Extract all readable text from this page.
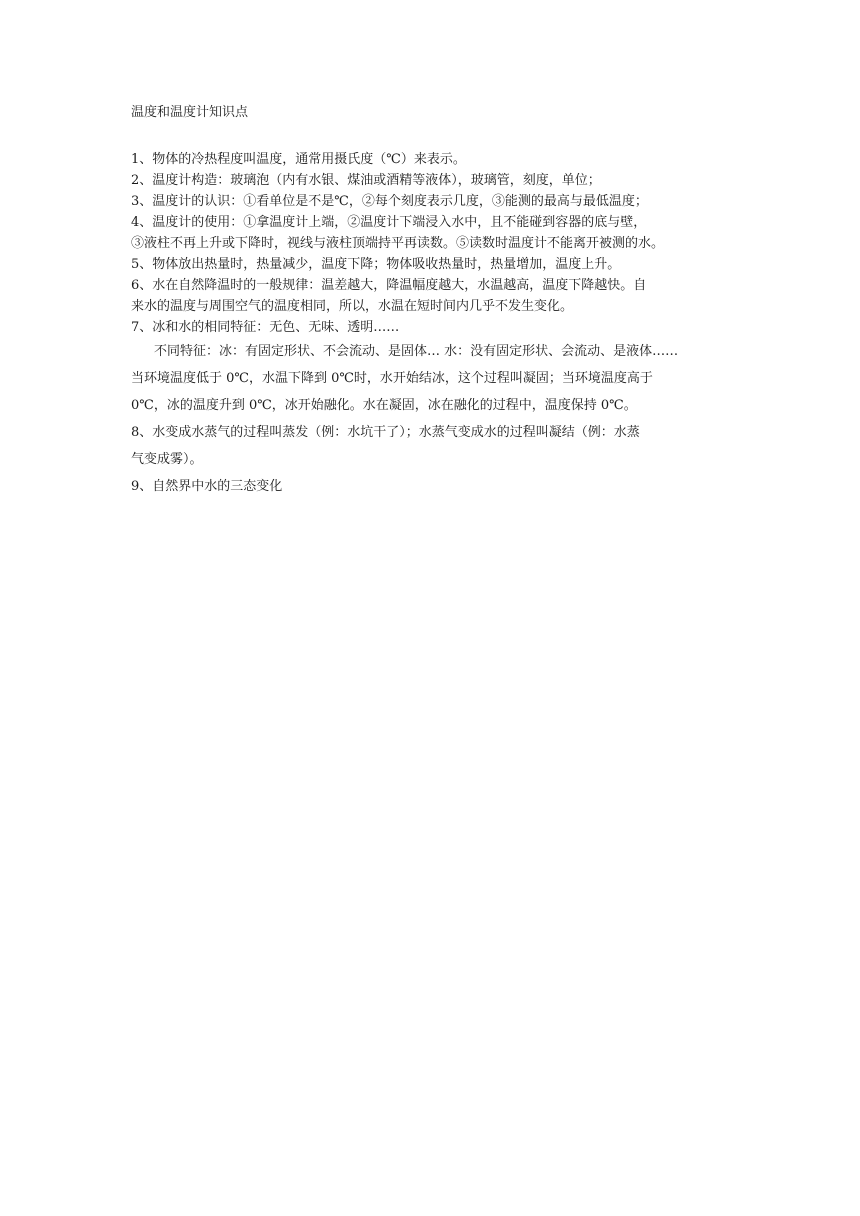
温度和温度计知识点

1、物体的冷热程度叫温度，通常用摄氏度（℃）来表示。

2、温度计构造：玻璃泡（内有水银、煤油或酒精等液体），玻璃管，刻度，单位；

3、温度计的认识：①看单位是不是℃，②每个刻度表示几度，③能测的最高与最低温度；

4、温度计的使用：①拿温度计上端，②温度计下端浸入水中，且不能碰到容器的底与壁，

③液柱不再上升或下降时，视线与液柱顶端持平再读数。⑤读数时温度计不能离开被测的水。

5、物体放出热量时，热量减少，温度下降；物体吸收热量时，热量增加，温度上升。

6、水在自然降温时的一般规律：温差越大，降温幅度越大，水温越高，温度下降越快。自

来水的温度与周围空气的温度相同，所以，水温在短时间内几乎不发生变化。

7、冰和水的相同特征：无色、无味、透明……

不同特征：冰：有固定形状、不会流动、是固体… 水：没有固定形状、会流动、是液体……

当环境温度低于 0℃，水温下降到 0℃时，水开始结冰，这个过程叫凝固；当环境温度高于

0℃，冰的温度升到 0℃，冰开始融化。水在凝固，冰在融化的过程中，温度保持 0℃。

8、水变成水蒸气的过程叫蒸发（例：水坑干了）；水蒸气变成水的过程叫凝结（例：水蒸

气变成雾）。

9、自然界中水的三态变化
